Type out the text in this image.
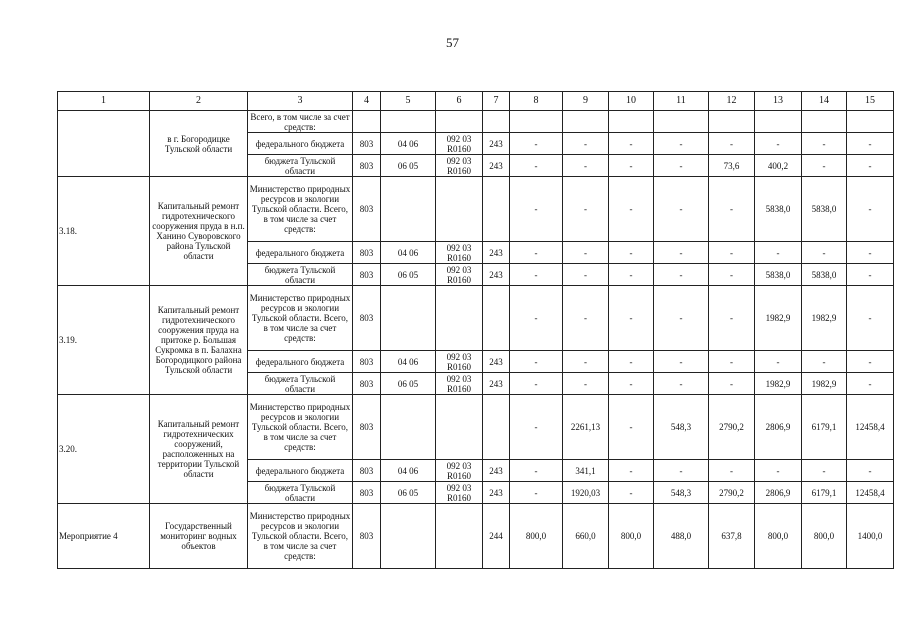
57
1	2	3	4	5	6	7	8	9	10	11	12	13	14	15
	в г. Богородицке Тульской области	Всего, в том числе за счет средств:												
		федерального бюджета	803	04 06	092 03 R0160	243	-	-	-	-	-	-	-	-
		бюджета Тульской области	803	06 05	092 03 R0160	243	-	-	-	-	73,6	400,2	-	-
3.18.	Капитальный ремонт гидротехнического сооружения пруда в н.п. Ханино Суворовского района Тульской области	Министерство природных ресурсов и экологии Тульской области. Всего, в том числе за счет средств:	803				-	-	-	-	-	5838,0	5838,0	-
		федерального бюджета	803	04 06	092 03 R0160	243	-	-	-	-	-	-	-	-
		бюджета Тульской области	803	06 05	092 03 R0160	243	-	-	-	-	-	5838,0	5838,0	-
3.19.	Капитальный ремонт гидротехнического сооружения пруда на притоке р. Большая Сукромка в п. Балахна Богородицкого района Тульской области	Министерство природных ресурсов и экологии Тульской области. Всего, в том числе за счет средств:	803				-	-	-	-	-	1982,9	1982,9	-
		федерального бюджета	803	04 06	092 03 R0160	243	-	-	-	-	-	-	-	-
		бюджета Тульской области	803	06 05	092 03 R0160	243	-	-	-	-	-	1982,9	1982,9	-
3.20.	Капитальный ремонт гидротехнических сооружений, расположенных на территории Тульской области	Министерство природных ресурсов и экологии Тульской области. Всего, в том числе за счет средств:	803				-	2261,13	-	548,3	2790,2	2806,9	6179,1	12458,4
		федерального бюджета	803	04 06	092 03 R0160	243	-	341,1	-	-	-	-	-	-
		бюджета Тульской области	803	06 05	092 03 R0160	243	-	1920,03	-	548,3	2790,2	2806,9	6179,1	12458,4
Мероприятие 4	Государственный мониторинг водных объектов	Министерство природных ресурсов и экологии Тульской области. Всего, в том числе за счет средств:	803			244	800,0	660,0	800,0	488,0	637,8	800,0	800,0	1400,0
